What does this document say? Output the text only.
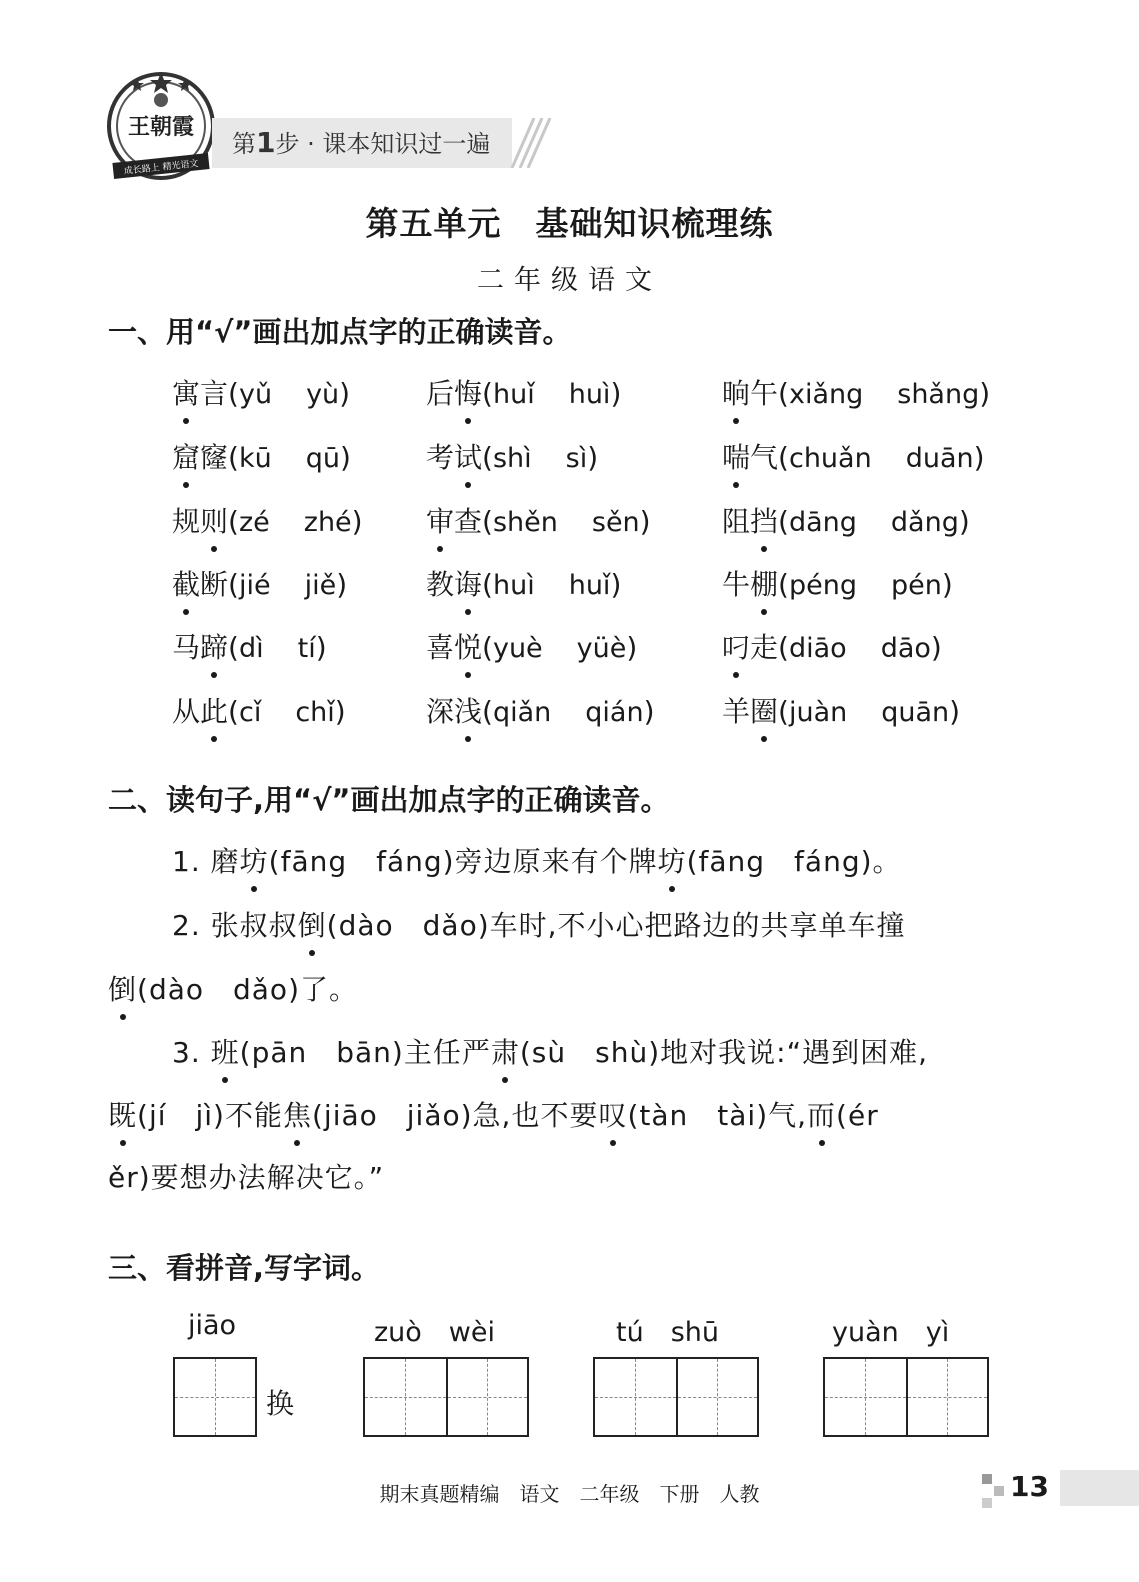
王朝霞
成长路上 精光语文
第1步 · 课本知识过一遍
第五单元　基础知识梳理练
二年级语文
一、用“√”画出加点字的正确读音。
寓言(yǔ yù)	后悔(huǐ huì)	晌午(xiǎng shǎng)
窟窿(kū qū)	考试(shì sì)	喘气(chuǎn duān)
规则(zé zhé) 审查(shěn sěn)	阻挡(dāng dǎng)
截断(jié jiě)	教诲(huì huǐ)	牛棚(péng pén)
马蹄(dì tí)	喜悦(yuè yüè)	叼走(diāo dāo)
从此(cǐ chǐ)	深浅(qiǎn qián) 羊圈(juàn quān)
二、读句子,用“√”画出加点字的正确读音。
1. 磨坊(fāng　fáng)旁边原来有个牌坊(fāng　fáng)。
2. 张叔叔倒(dào　dǎo)车时,不小心把路边的共享单车撞
倒(dào　dǎo)了。
3. 班(pān　bān)主任严肃(sù　shù)地对我说:“遇到困难,
既(jí　jì)不能焦(jiāo　jiǎo)急,也不要叹(tàn　tài)气,而(ér
ěr)要想办法解决它。”
三、看拼音,写字词。
jiāo
换
zuò　wèi	tú　shū	yuàn　yì
期末真题精编　语文　二年级　下册　人教	13
